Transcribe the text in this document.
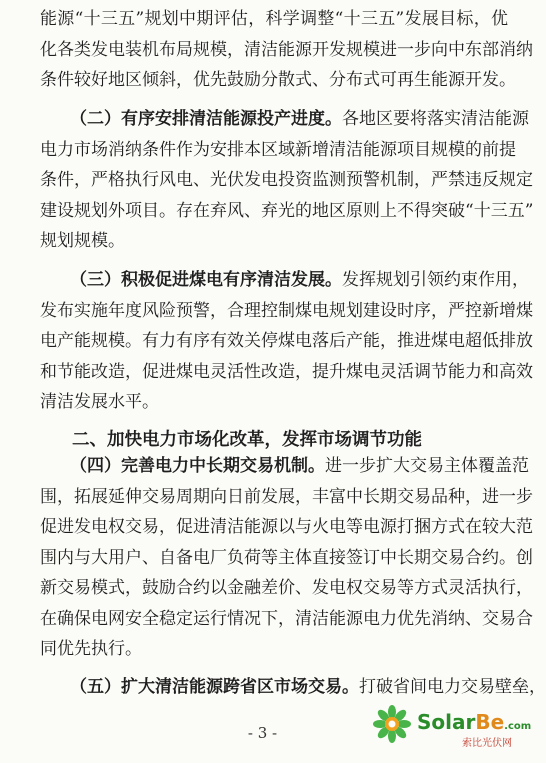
能源“十三五”规划中期评估，科学调整“十三五”发展目标，优
化各类发电装机布局规模，清洁能源开发规模进一步向中东部消纳
条件较好地区倾斜，优先鼓励分散式、分布式可再生能源开发。

（二）有序安排清洁能源投产进度。各地区要将落实清洁能源
电力市场消纳条件作为安排本区域新增清洁能源项目规模的前提
条件，严格执行风电、光伏发电投资监测预警机制，严禁违反规定
建设规划外项目。存在弃风、弃光的地区原则上不得突破“十三五”
规划规模。

（三）积极促进煤电有序清洁发展。发挥规划引领约束作用，
发布实施年度风险预警，合理控制煤电规划建设时序，严控新增煤
电产能规模。有力有序有效关停煤电落后产能，推进煤电超低排放
和节能改造，促进煤电灵活性改造，提升煤电灵活调节能力和高效
清洁发展水平。

二、加快电力市场化改革，发挥市场调节功能

（四）完善电力中长期交易机制。进一步扩大交易主体覆盖范
围，拓展延伸交易周期向日前发展，丰富中长期交易品种，进一步
促进发电权交易，促进清洁能源以与火电等电源打捆方式在较大范
围内与大用户、自备电厂负荷等主体直接签订中长期交易合约。创
新交易模式，鼓励合约以金融差价、发电权交易等方式灵活执行，
在确保电网安全稳定运行情况下，清洁能源电力优先消纳、交易合
同优先执行。

（五）扩大清洁能源跨省区市场交易。打破省间电力交易壁垒，

- 3 -	SolarBe.com
索比光伏网
